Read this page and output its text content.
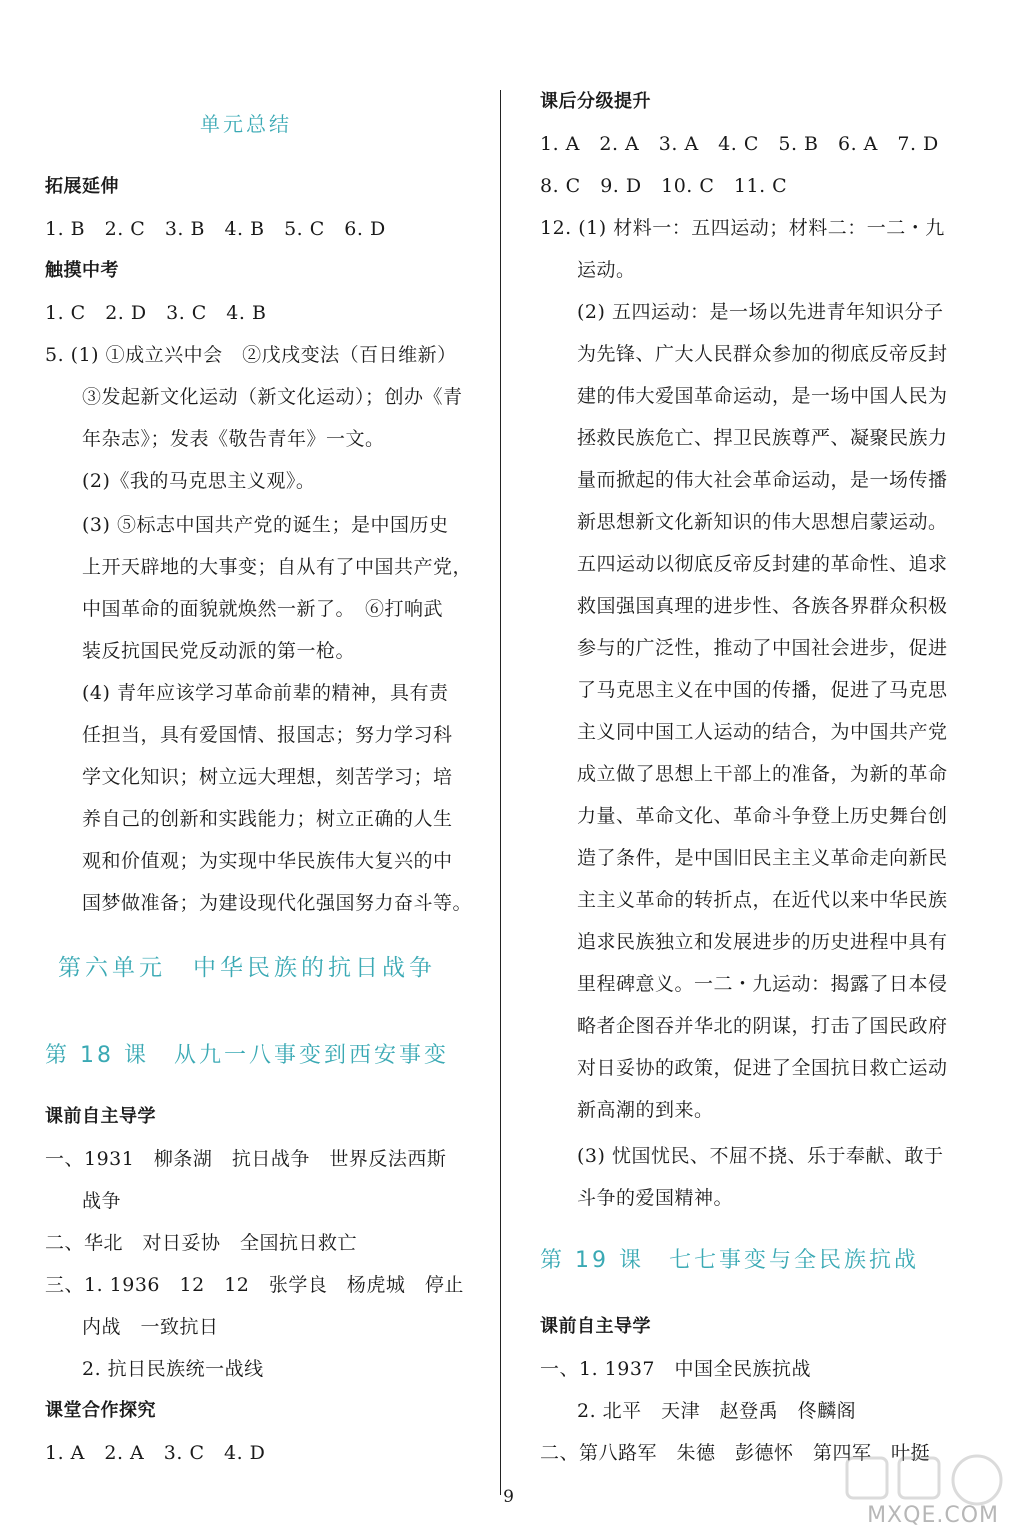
单元总结
拓展延伸
1. B　2. C　3. B　4. B　5. C　6. D
触摸中考
1. C　2. D　3. C　4. B
5. (1) ①成立兴中会　②戊戌变法（百日维新）
③发起新文化运动（新文化运动）；创办《青
年杂志》；发表《敬告青年》一文。
(2)《我的马克思主义观》。
(3) ⑤标志中国共产党的诞生；是中国历史
上开天辟地的大事变；自从有了中国共产党，
中国革命的面貌就焕然一新了。　⑥打响武
装反抗国民党反动派的第一枪。
(4) 青年应该学习革命前辈的精神，具有责
任担当，具有爱国情、报国志；努力学习科
学文化知识；树立远大理想，刻苦学习；培
养自己的创新和实践能力；树立正确的人生
观和价值观；为实现中华民族伟大复兴的中
国梦做准备；为建设现代化强国努力奋斗等。
第六单元　中华民族的抗日战争
第 18 课　从九一八事变到西安事变
课前自主导学
一、1931　柳条湖　抗日战争　世界反法西斯
战争
二、华北　对日妥协　全国抗日救亡
三、1. 1936　12　12　张学良　杨虎城　停止
内战　一致抗日
2. 抗日民族统一战线
课堂合作探究
1. A　2. A　3. C　4. D
课后分级提升
1. A　2. A　3. A　4. C　5. B　6. A　7. D
8. C　9. D　10. C　11. C
12. (1) 材料一：五四运动；材料二：一二・九
运动。
(2) 五四运动：是一场以先进青年知识分子
为先锋、广大人民群众参加的彻底反帝反封
建的伟大爱国革命运动，是一场中国人民为
拯救民族危亡、捍卫民族尊严、凝聚民族力
量而掀起的伟大社会革命运动，是一场传播
新思想新文化新知识的伟大思想启蒙运动。
五四运动以彻底反帝反封建的革命性、追求
救国强国真理的进步性、各族各界群众积极
参与的广泛性，推动了中国社会进步，促进
了马克思主义在中国的传播，促进了马克思
主义同中国工人运动的结合，为中国共产党
成立做了思想上干部上的准备，为新的革命
力量、革命文化、革命斗争登上历史舞台创
造了条件，是中国旧民主主义革命走向新民
主主义革命的转折点，在近代以来中华民族
追求民族独立和发展进步的历史进程中具有
里程碑意义。一二・九运动：揭露了日本侵
略者企图吞并华北的阴谋，打击了国民政府
对日妥协的政策，促进了全国抗日救亡运动
新高潮的到来。
(3) 忧国忧民、不屈不挠、乐于奉献、敢于
斗争的爱国精神。
第 19 课　七七事变与全民族抗战
课前自主导学
一、1. 1937　中国全民族抗战
2. 北平　天津　赵登禹　佟麟阁
二、第八路军　朱德　彭德怀　第四军　叶挺
9
MXQE.COM
